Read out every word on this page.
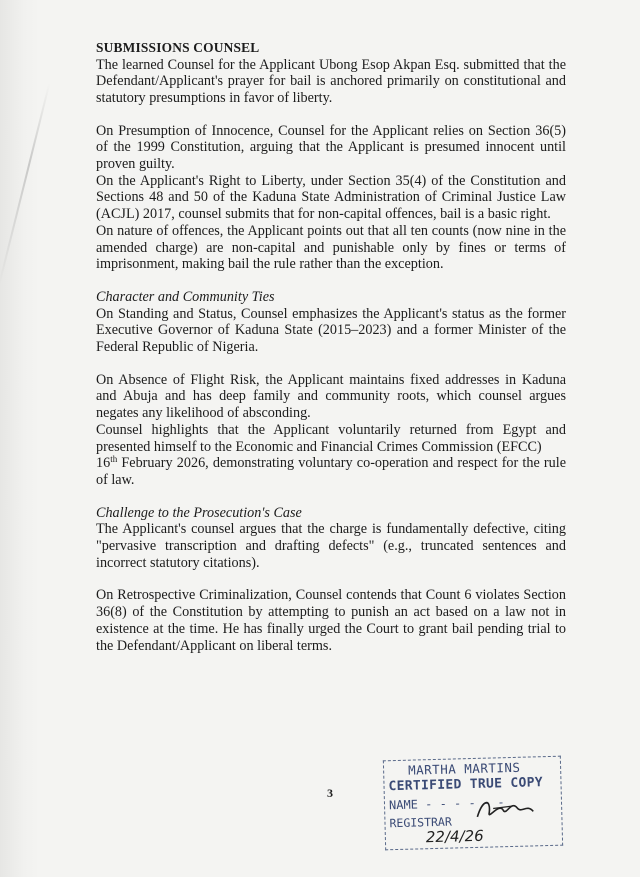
SUBMISSIONS COUNSEL

The learned Counsel for the Applicant Ubong Esop Akpan Esq. submitted that the Defendant/Applicant's prayer for bail is anchored primarily on constitutional and statutory presumptions in favor of liberty.

On Presumption of Innocence, Counsel for the Applicant relies on Section 36(5) of the 1999 Constitution, arguing that the Applicant is presumed innocent until proven guilty.

On the Applicant's Right to Liberty, under Section 35(4) of the Constitution and Sections 48 and 50 of the Kaduna State Administration of Criminal Justice Law (ACJL) 2017, counsel submits that for non-capital offences, bail is a basic right.

On nature of offences, the Applicant points out that all ten counts (now nine in the amended charge) are non-capital and punishable only by fines or terms of imprisonment, making bail the rule rather than the exception.

Character and Community Ties

On Standing and Status, Counsel emphasizes the Applicant's status as the former Executive Governor of Kaduna State (2015–2023) and a former Minister of the Federal Republic of Nigeria.

On Absence of Flight Risk, the Applicant maintains fixed addresses in Kaduna and Abuja and has deep family and community roots, which counsel argues negates any likelihood of absconding.

Counsel highlights that the Applicant voluntarily returned from Egypt and presented himself to the Economic and Financial Crimes Commission (EFCC)

16th February 2026, demonstrating voluntary co-operation and respect for the rule of law.

Challenge to the Prosecution's Case

The Applicant's counsel argues that the charge is fundamentally defective, citing "pervasive transcription and drafting defects" (e.g., truncated sentences and incorrect statutory citations).

On Retrospective Criminalization, Counsel contends that Count 6 violates Section 36(8) of the Constitution by attempting to punish an act based on a law not in existence at the time. He has finally urged the Court to grant bail pending trial to the Defendant/Applicant on liberal terms.

3
MARTHA MARTINS
CERTIFIED TRUE COPY
NAME - - - - - -
REGISTRAR
22/4/26
